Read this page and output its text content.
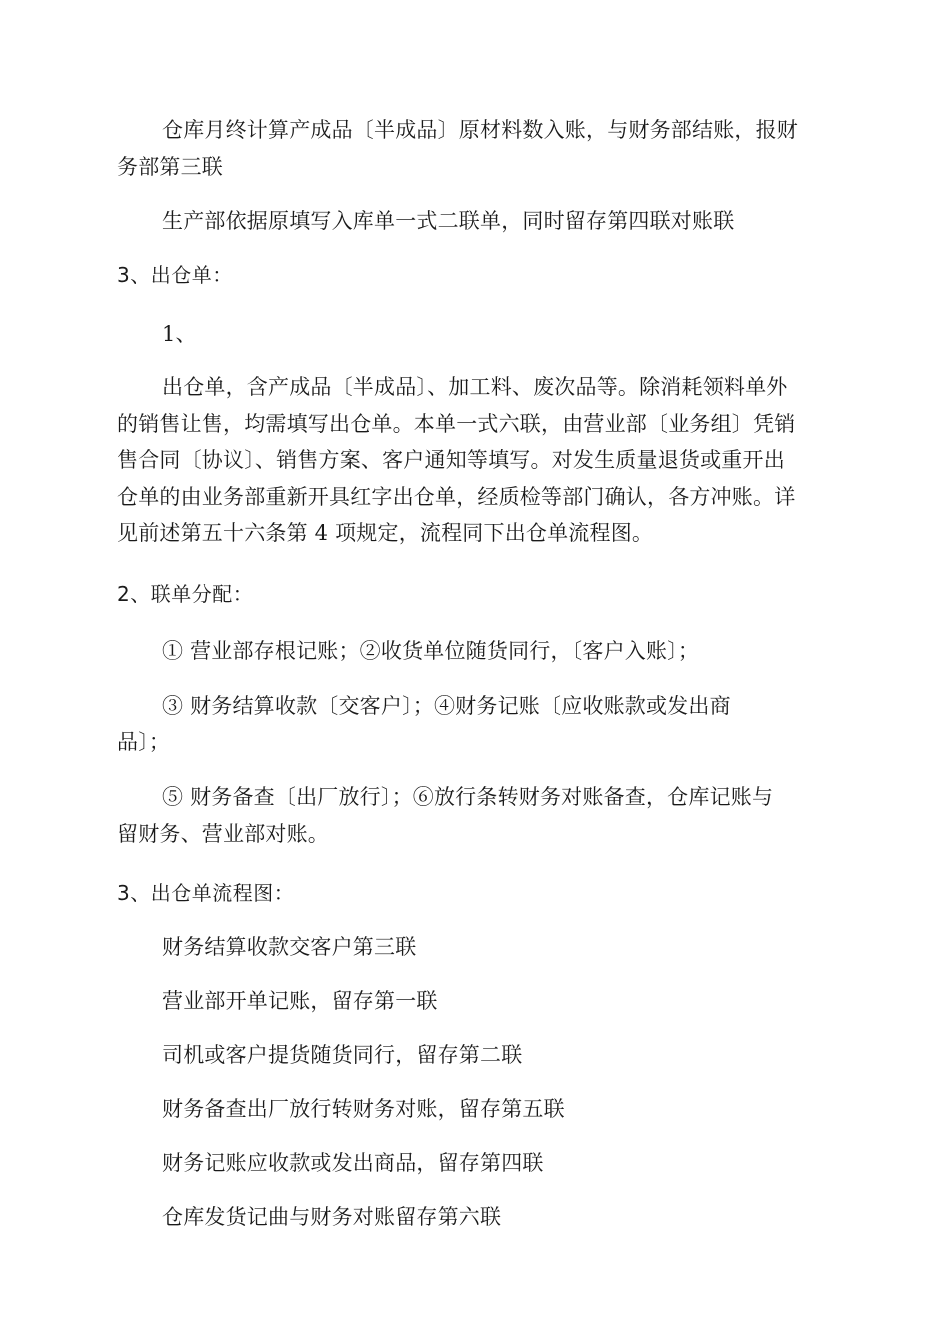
仓库月终计算产成品〔半成品〕原材料数入账，与财务部结账，报财
务部第三联
生产部依据原填写入库单一式二联单，同时留存第四联对账联
3、出仓单：
1、
出仓单，含产成品〔半成品〕、加工料、废次品等。除消耗领料单外
的销售让售，均需填写出仓单。本单一式六联，由营业部〔业务组〕凭销
售合同〔协议〕、销售方案、客户通知等填写。对发生质量退货或重开出
仓单的由业务部重新开具红字出仓单，经质检等部门确认，各方冲账。详
见前述第五十六条第 4 项规定，流程同下出仓单流程图。
2、联单分配：
① 营业部存根记账；②收货单位随货同行，〔客户入账〕；
③ 财务结算收款〔交客户〕；④财务记账〔应收账款或发出商
品〕；
⑤ 财务备查〔出厂放行〕；⑥放行条转财务对账备查，仓库记账与
留财务、营业部对账。
3、出仓单流程图：
财务结算收款交客户第三联
营业部开单记账，留存第一联
司机或客户提货随货同行，留存第二联
财务备查出厂放行转财务对账，留存第五联
财务记账应收款或发出商品，留存第四联
仓库发货记曲与财务对账留存第六联
